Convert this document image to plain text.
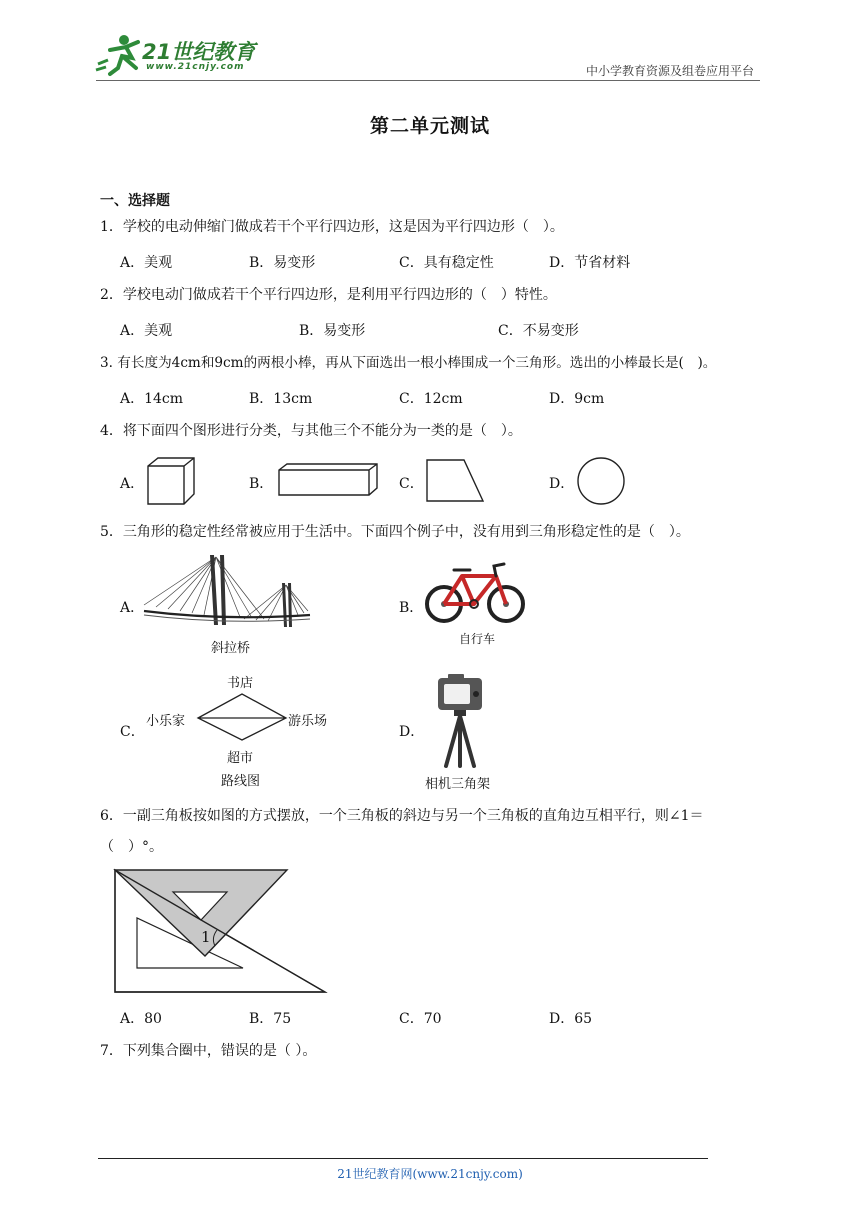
21世纪教育
www.21cnjy.com	中小学教育资源及组卷应用平台
第二单元测试
一、选择题
1．学校的电动伸缩门做成若干个平行四边形，这是因为平行四边形（　）。
A．美观	B．易变形	C．具有稳定性	D．节省材料
2．学校电动门做成若干个平行四边形，是利用平行四边形的（　）特性。
A．美观	B．易变形	C．不易变形
3. 有长度为4cm和9cm的两根小棒，再从下面选出一根小棒围成一个三角形。选出的小棒最长是(　)。
A．14cm	B．13cm	C．12cm	D．9cm
4．将下面四个图形进行分类，与其他三个不能分为一类的是（　）。
A．	B．	C．	D．
5．三角形的稳定性经常被应用于生活中。下面四个例子中，没有用到三角形稳定性的是（　）。
A．
斜拉桥
B．
自行车
C．
书店
小乐家	游乐场
超市
路线图
D．
相机三角架
6．一副三角板按如图的方式摆放，一个三角板的斜边与另一个三角板的直角边互相平行，则∠1＝
（　）°。
1
A．80	B．75	C．70	D．65
7．下列集合圈中，错误的是（ ）。
21世纪教育网(www.21cnjy.com)
